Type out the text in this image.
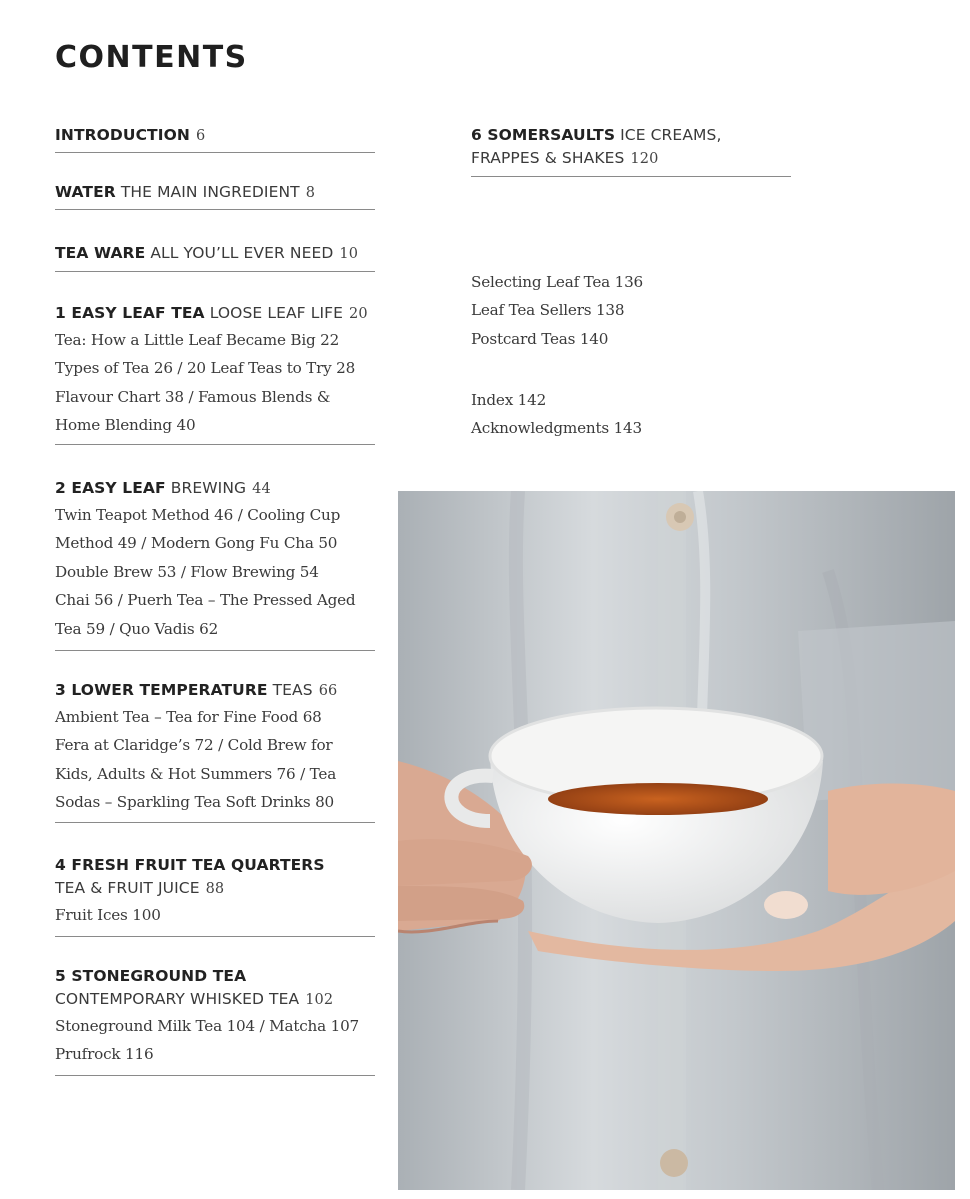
CONTENTS
INTRODUCTION 6
WATER THE MAIN INGREDIENT 8
TEA WARE ALL YOU’LL EVER NEED 10
1 EASY LEAF TEA LOOSE LEAF LIFE 20
Tea: How a Little Leaf Became Big 22
Types of Tea 26 / 20 Leaf Teas to Try 28
Flavour Chart 38 / Famous Blends &
Home Blending 40
2 EASY LEAF BREWING 44
Twin Teapot Method 46 / Cooling Cup
Method 49 / Modern Gong Fu Cha 50
Double Brew 53 / Flow Brewing 54
Chai 56 / Puerh Tea – The Pressed Aged
Tea 59 / Quo Vadis 62
3 LOWER TEMPERATURE TEAS 66
Ambient Tea – Tea for Fine Food 68
Fera at Claridge’s 72 / Cold Brew for
Kids, Adults & Hot Summers 76 / Tea
Sodas – Sparkling Tea Soft Drinks 80
4 FRESH FRUIT TEA QUARTERS
TEA & FRUIT JUICE 88
Fruit Ices 100
5 STONEGROUND TEA
CONTEMPORARY WHISKED TEA 102
Stoneground Milk Tea 104 / Matcha 107
Prufrock 116
6 SOMERSAULTS ICE CREAMS,
FRAPPES & SHAKES 120
Selecting Leaf Tea 136
Leaf Tea Sellers 138
Postcard Teas 140
Index 142
Acknowledgments 143
